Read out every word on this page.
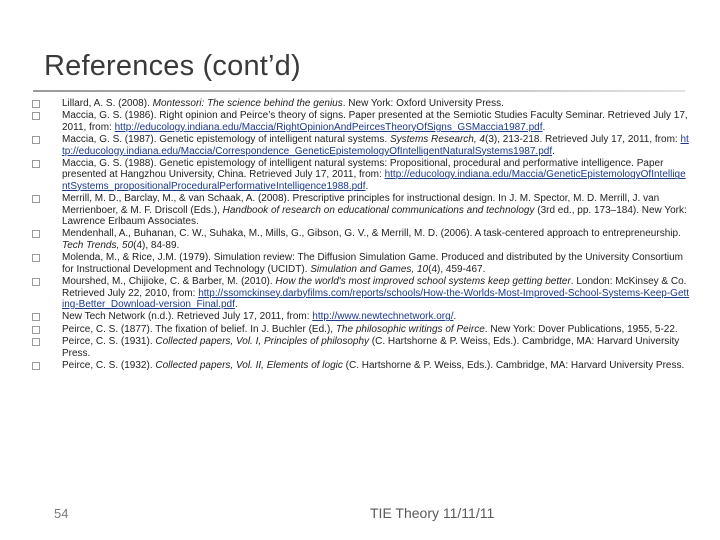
References (cont’d)
Lillard, A. S. (2008). Montessori: The science behind the genius. New York: Oxford University Press.
Maccia, G. S. (1986). Right opinion and Peirce’s theory of signs. Paper presented at the Semiotic Studies Faculty Seminar. Retrieved July 17, 2011, from: http://educology.indiana.edu/Maccia/RightOpinionAndPeircesTheoryOfSigns_GSMaccia1987.pdf.
Maccia, G. S. (1987). Genetic epistemology of intelligent natural systems. Systems Research, 4(3), 213-218. Retrieved July 17, 2011, from: http://educology.indiana.edu/Maccia/Correspondence_GeneticEpistemologyOfIntelligentNaturalSystems1987.pdf.
Maccia, G. S. (1988). Genetic epistemology of intelligent natural systems: Propositional, procedural and performative intelligence. Paper presented at Hangzhou University, China. Retrieved July 17, 2011, from: http://educology.indiana.edu/Maccia/GeneticEpistemologyOfIntelligentSystems_propositionalProceduralPerformativeIntelligence1988.pdf.
Merrill, M. D., Barclay, M., & van Schaak, A. (2008). Prescriptive principles for instructional design. In J. M. Spector, M. D. Merrill, J. van Merrienboer, & M. F. Driscoll (Eds.), Handbook of research on educational communications and technology (3rd ed., pp. 173–184). New York: Lawrence Erlbaum Associates.
Mendenhall, A., Buhanan, C. W., Suhaka, M., Mills, G., Gibson, G. V., & Merrill, M. D. (2006). A task-centered approach to entrepreneurship. Tech Trends, 50(4), 84-89.
Molenda, M., & Rice, J.M. (1979). Simulation review: The Diffusion Simulation Game. Produced and distributed by the University Consortium for Instructional Development and Technology (UCIDT). Simulation and Games, 10(4), 459-467.
Mourshed, M., Chijioke, C. & Barber, M. (2010). How the world's most improved school systems keep getting better. London: McKinsey & Co. Retrieved July 22, 2010, from: http://ssomckinsey.darbyfilms.com/reports/schools/How-the-Worlds-Most-Improved-School-Systems-Keep-Getting-Better_Download-version_Final.pdf.
New Tech Network (n.d.). Retrieved July 17, 2011, from: http://www.newtechnetwork.org/.
Peirce, C. S. (1877). The fixation of belief. In J. Buchler (Ed.), The philosophic writings of Peirce. New York: Dover Publications, 1955, 5-22.
Peirce, C. S. (1931). Collected papers, Vol. I, Principles of philosophy (C. Hartshorne & P. Weiss, Eds.). Cambridge, MA: Harvard University Press.
Peirce, C. S. (1932). Collected papers, Vol. II, Elements of logic (C. Hartshorne & P. Weiss, Eds.). Cambridge, MA: Harvard University Press.
54	TIE Theory 11/11/11
